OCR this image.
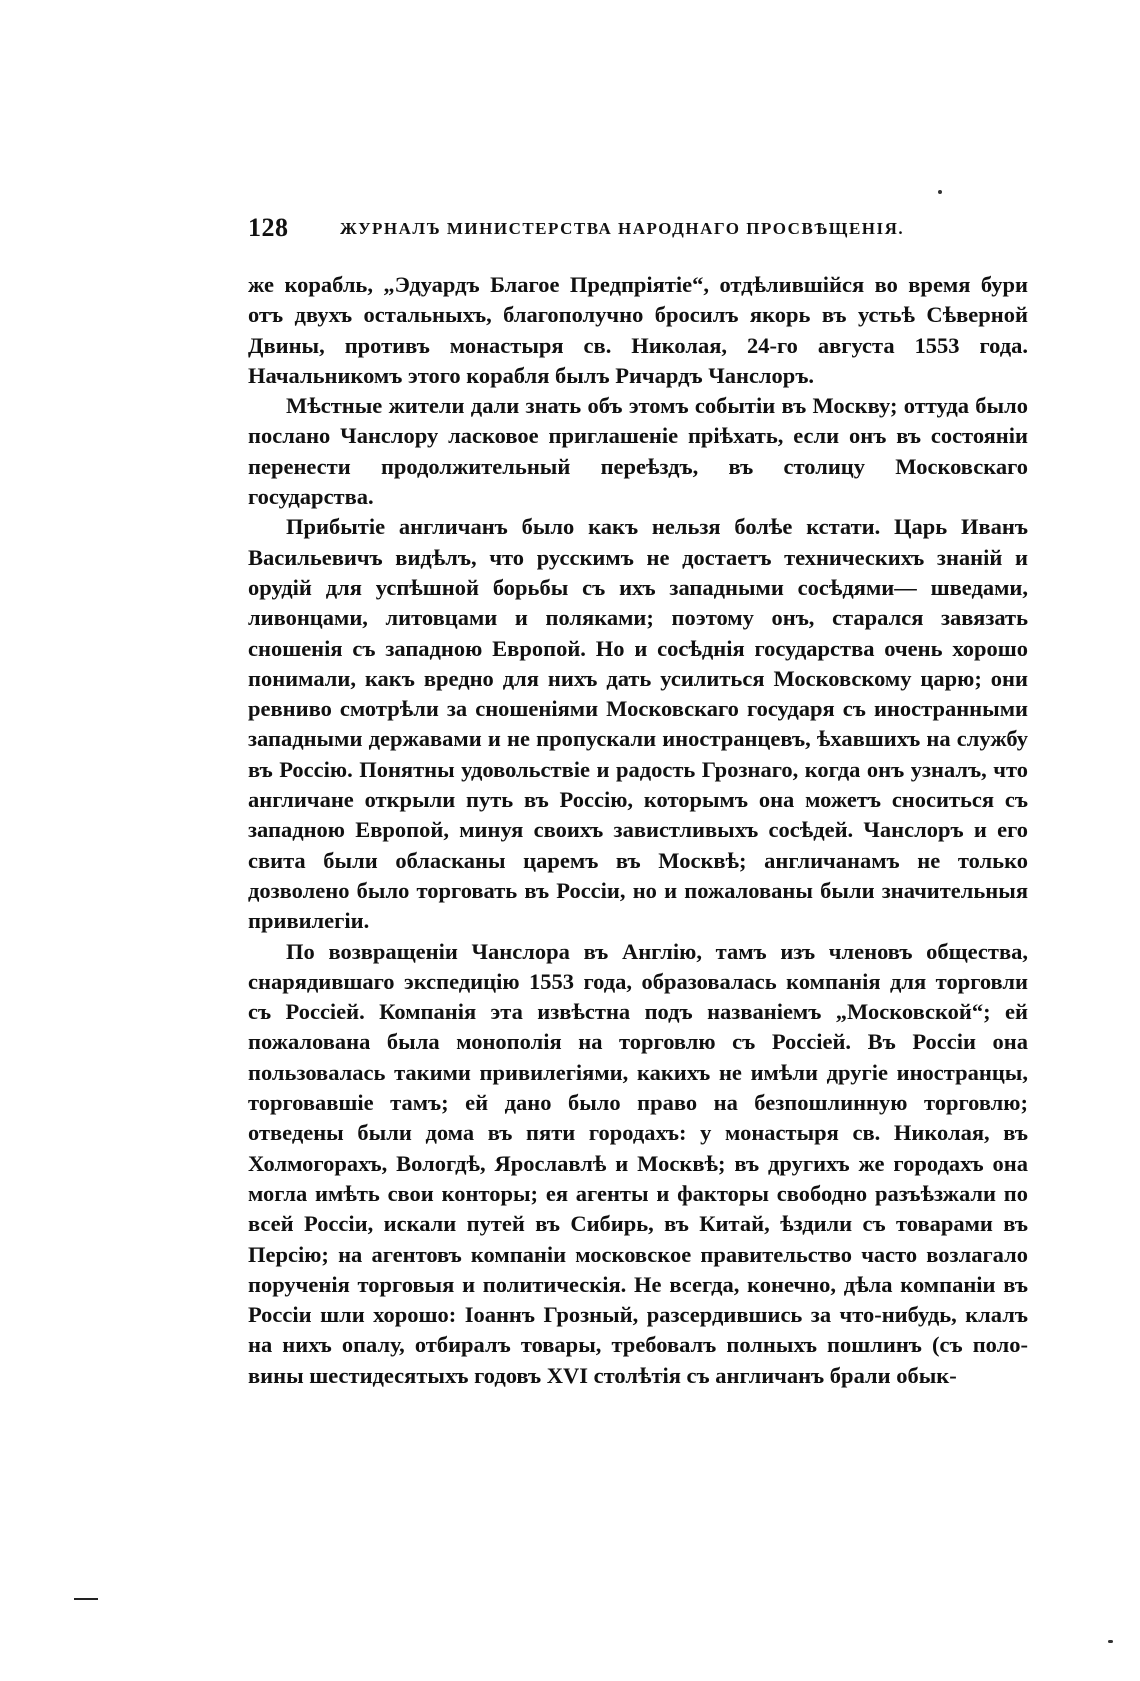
128	ЖУРНАЛЪ МИНИСТЕРСТВА НАРОДНАГО ПРОСВѢЩЕНІЯ.

же корабль, „Эдуардъ Благое Предпріятіе“, отдѣлившійся во время бури отъ двухъ остальныхъ, благополучно бросилъ якорь въ устьѣ Сѣверной Двины, противъ монастыря св. Николая, 24-го августа 1553 года. Начальникомъ этого корабля былъ Ричардъ Чанслоръ.

Мѣстные жители дали знать объ этомъ событіи въ Москву; оттуда было послано Чанслору ласковое приглашеніе пріѣхать, если онъ въ состояніи перенести продолжительный переѣздъ, въ столицу Московскаго государства.

Прибытіе англичанъ было какъ нельзя болѣе кстати. Царь Иванъ Васильевичъ видѣлъ, что русскимъ не достаетъ техническихъ знаній и орудій для успѣшной борьбы съ ихъ западными сосѣдями— шведами, ливонцами, литовцами и поляками; поэтому онъ, старался завязать сношенія съ западною Европой. Но и сосѣднія государства очень хорошо понимали, какъ вредно для нихъ дать усилиться Московскому царю; они ревниво смотрѣли за сношеніями Московскаго государя съ иностранными западными державами и не пропускали иностранцевъ, ѣхавшихъ на службу въ Россію. Понятны удовольствіе и радость Грознаго, когда онъ узналъ, что англичане открыли путь въ Россію, которымъ она можетъ сноситься съ западною Европой, минуя своихъ завистливыхъ сосѣдей. Чанслоръ и его свита были обласканы царемъ въ Москвѣ; англичанамъ не только дозволено было торговать въ Россіи, но и пожалованы были значительныя привилегіи.

По возвращеніи Чанслора въ Англію, тамъ изъ членовъ общества, снарядившаго экспедицію 1553 года, образовалась компанія для торговли съ Россіей. Компанія эта извѣстна подъ названіемъ „Московской“; ей пожалована была монополія на торговлю съ Россіей. Въ Россіи она пользовалась такими привилегіями, какихъ не имѣли другіе иностранцы, торговавшіе тамъ; ей дано было право на безпошлинную торговлю; отведены были дома въ пяти городахъ: у монастыря св. Николая, въ Холмогорахъ, Вологдѣ, Ярославлѣ и Москвѣ; въ другихъ же городахъ она могла имѣть свои конторы; ея агенты и факторы свободно разъѣзжали по всей Россіи, искали путей въ Сибирь, въ Китай, ѣздили съ товарами въ Персію; на агентовъ компаніи московское правительство часто возлагало порученія торговыя и политическія. Не всегда, конечно, дѣла компаніи въ Россіи шли хорошо: Іоаннъ Грозный, разсердившись за что-нибудь, клалъ на нихъ опалу, отбиралъ товары, требовалъ полныхъ пошлинъ (съ половины шестидесятыхъ годовъ XVI столѣтія съ англичанъ брали обык-
